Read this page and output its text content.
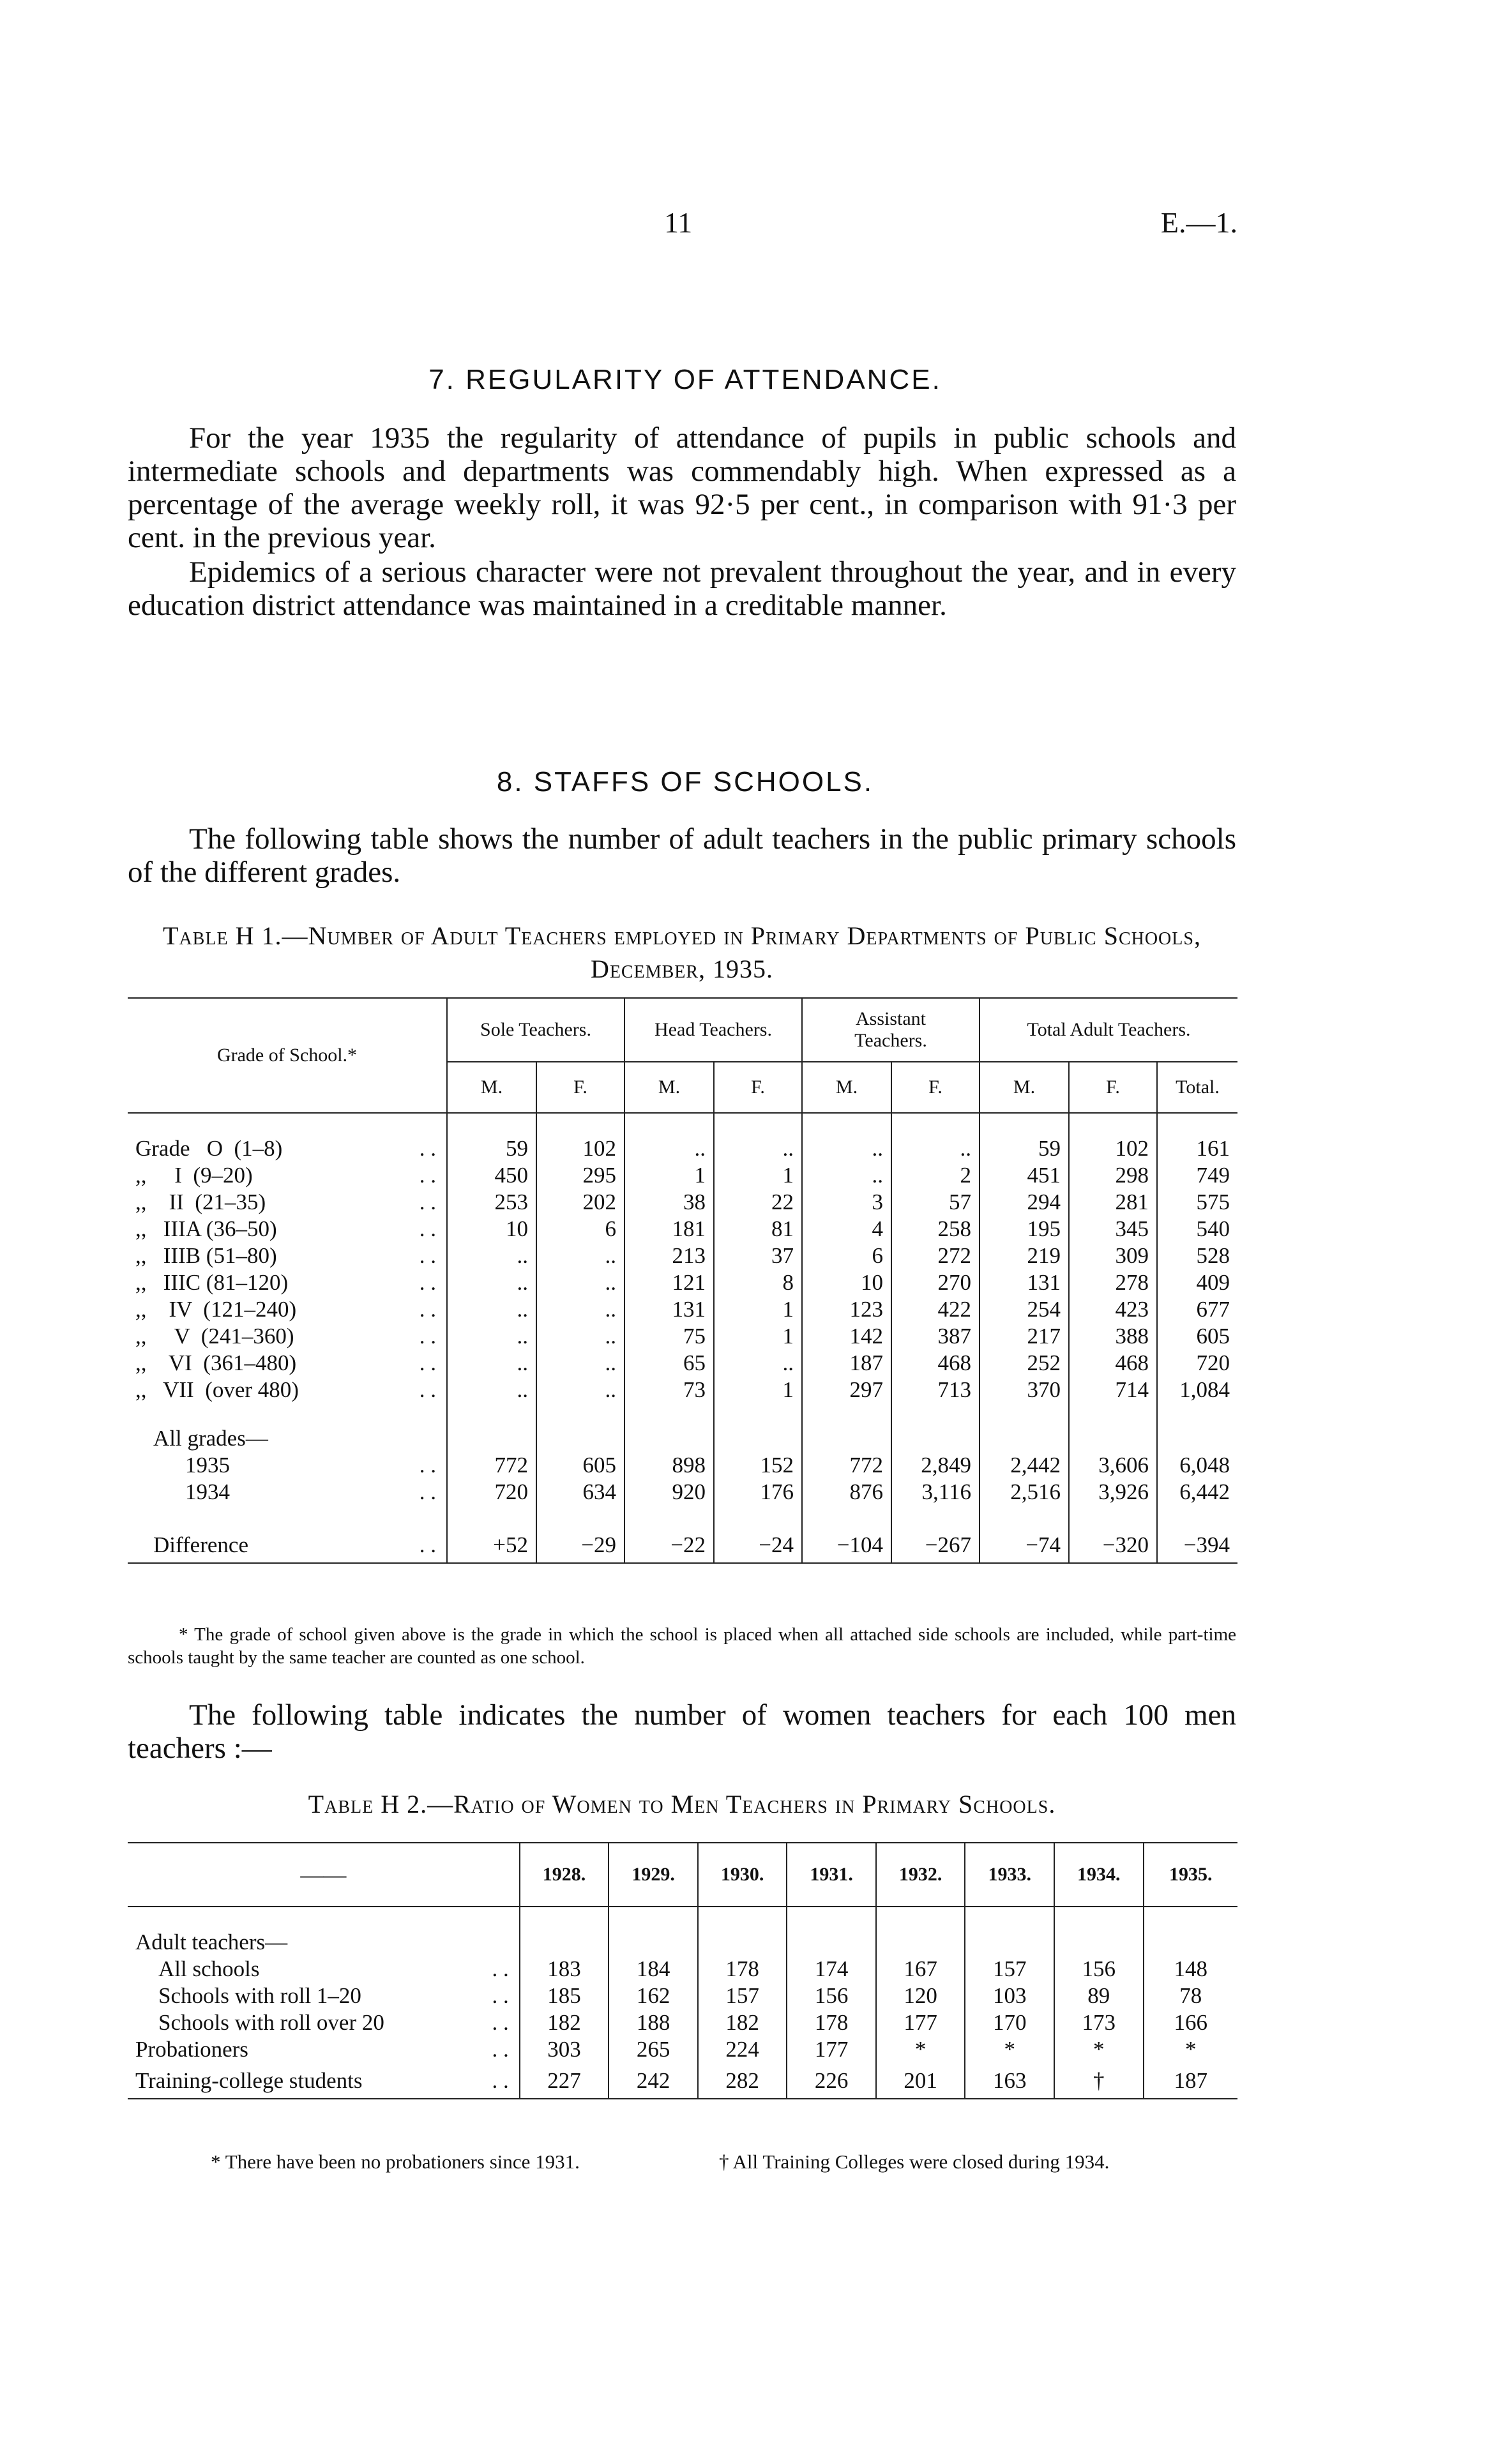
11	E.—1.
7. REGULARITY OF ATTENDANCE.
For the year 1935 the regularity of attendance of pupils in public schools and intermediate schools and departments was commendably high. When expressed as a percentage of the average weekly roll, it was 92·5 per cent., in comparison with 91·3 per cent. in the previous year.
Epidemics of a serious character were not prevalent throughout the year, and in every education district attendance was maintained in a creditable manner.
8. STAFFS OF SCHOOLS.
The following table shows the number of adult teachers in the public primary schools of the different grades.
Table H 1.—Number of Adult Teachers employed in Primary Departments of Public Schools,
December, 1935.
Grade of School.*		Sole Teachers.		Head Teachers.		Assistant Teachers.		Total Adult Teachers.		
		M.	F.	M.	F.	M.	F.	M.	F.	Total.

Grade   O  (1–8)	. .	59	102	..	..	..	..	59	102	161
,,     I  (9–20)	. .	450	295	1	1	..	2	451	298	749
,,    II  (21–35)	. .	253	202	38	22	3	57	294	281	575
,,   IIIA (36–50)	. .	10	6	181	81	4	258	195	345	540
,,   IIIB (51–80)	. .	..	..	213	37	6	272	219	309	528
,,   IIIC (81–120)	. .	..	..	121	8	10	270	131	278	409
,,    IV  (121–240)	. .	..	..	131	1	123	422	254	423	677
,,     V  (241–360)	. .	..	..	75	1	142	387	217	388	605
,,    VI  (361–480)	. .	..	..	65	..	187	468	252	468	720
,,   VII  (over 480)	. .	..	..	73	1	297	713	370	714	1,084

All grades—										
1935	. .	772	605	898	152	772	2,849	2,442	3,606	6,048
1934	. .	720	634	920	176	876	3,116	2,516	3,926	6,442

Difference	. .	+52	−29	−22	−24	−104	−267	−74	−320	−394
* The grade of school given above is the grade in which the school is placed when all attached side schools are included, while part-time schools taught by the same teacher are counted as one school.
The following table indicates the number of women teachers for each 100 men teachers :—
Table H 2.—Ratio of Women to Men Teachers in Primary Schools.
——		1928.	1929.	1930.	1931.	1932.	1933.	1934.	1935.

Adult teachers—									
All schools	. .	183	184	178	174	167	157	156	148
Schools with roll 1–20	. .	185	162	157	156	120	103	89	78
Schools with roll over 20	. .	182	188	182	178	177	170	173	166
Probationers	. .	303	265	224	177	*	*	*	*
Training-college students	. .	227	242	282	226	201	163	†	187
* There have been no probationers since 1931.	† All Training Colleges were closed during 1934.
